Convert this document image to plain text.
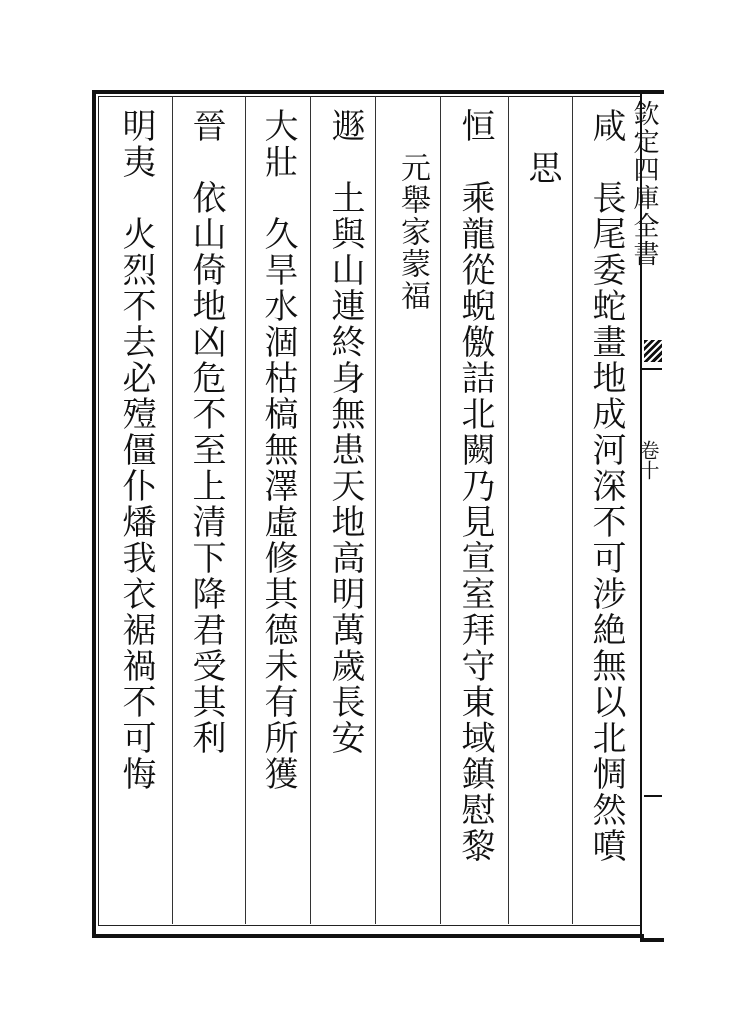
欽定四庫全書
卷十
咸長尾委蛇畫地成河深不可涉絶無以北惆然噴
思
恒乘龍從蜺儌詰北闕乃見宣室拜守東域鎮慰黎
元舉家蒙福
遯土與山連終身無患天地高明萬歲長安
大壯久旱水涸枯槁無澤虛修其德未有所獲
晉依山倚地凶危不至上清下降君受其利
明夷火烈不去必殪僵仆燔我衣裾禍不可悔
